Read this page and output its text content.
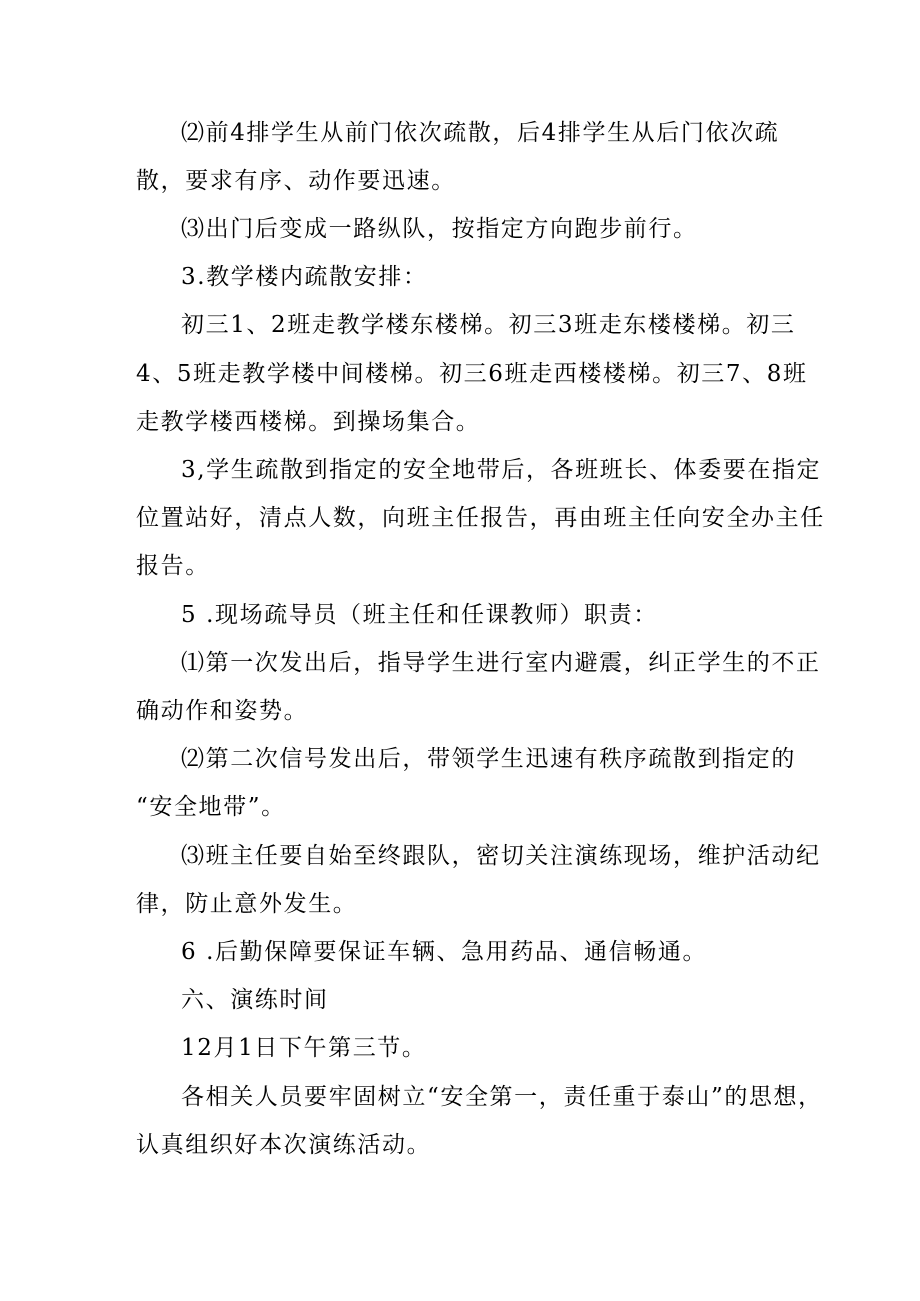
⑵前4排学生从前门依次疏散，后4排学生从后门依次疏
散，要求有序、动作要迅速。
⑶出门后变成一路纵队，按指定方向跑步前行。
3.教学楼内疏散安排：
初三1、2班走教学楼东楼梯。初三3班走东楼楼梯。初三
4、5班走教学楼中间楼梯。初三6班走西楼楼梯。初三7、8班
走教学楼西楼梯。到操场集合。
3,学生疏散到指定的安全地带后，各班班长、体委要在指定
位置站好，清点人数，向班主任报告，再由班主任向安全办主任
报告。
5 .现场疏导员（班主任和任课教师）职责：
⑴第一次发出后，指导学生进行室内避震，纠正学生的不正
确动作和姿势。
⑵第二次信号发出后，带领学生迅速有秩序疏散到指定的
“安全地带”。
⑶班主任要自始至终跟队，密切关注演练现场，维护活动纪
律，防止意外发生。
6 .后勤保障要保证车辆、急用药品、通信畅通。
六、演练时间
12月1日下午第三节。
各相关人员要牢固树立“安全第一，责任重于泰山”的思想，
认真组织好本次演练活动。
